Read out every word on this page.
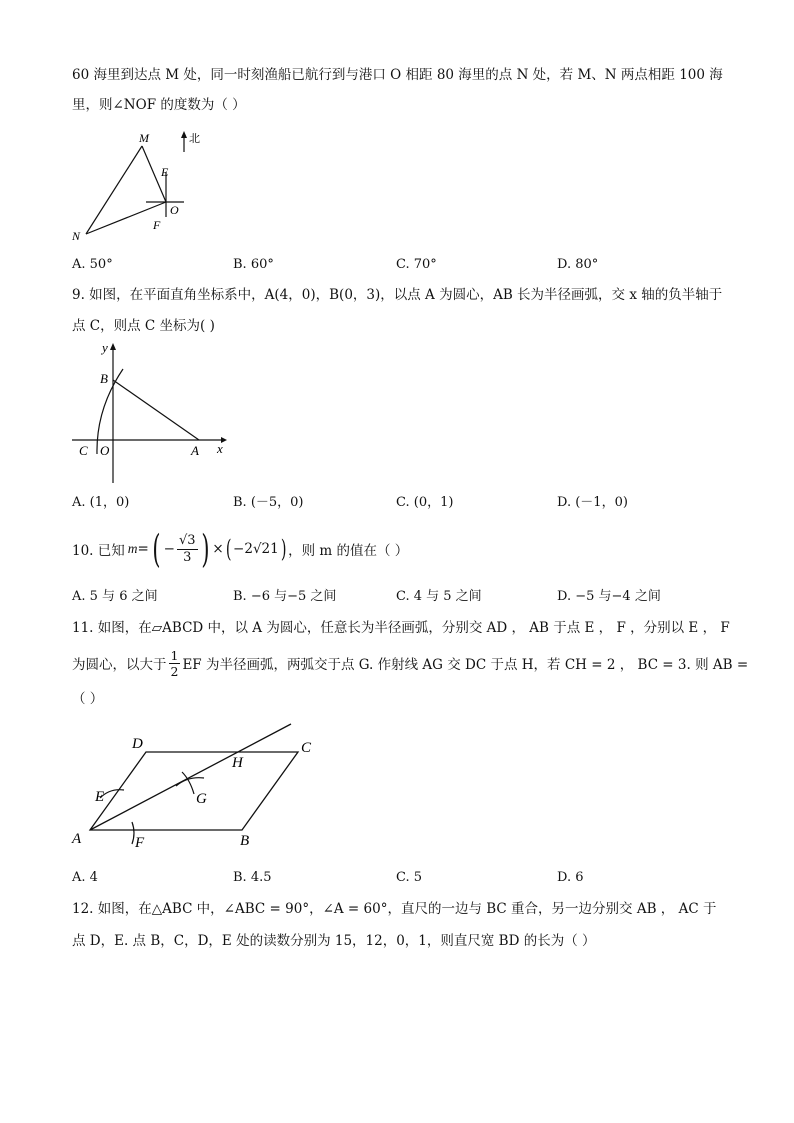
60 海里到达点 M 处，同一时刻渔船已航行到与港口 O 相距 80 海里的点 N 处，若 M、N 两点相距 100 海
里，则∠NOF 的度数为（ ）
北
M
E
O
F
N
A. 50°	B. 60°	C. 70°	D. 80°
9. 如图，在平面直角坐标系中，A(4，0)，B(0，3)，以点 A 为圆心，AB 长为半径画弧，交 x 轴的负半轴于
点 C，则点 C 坐标为( )
y
B
C O	A x
A. (1，0)	B. (－5，0)	C. (0，1)	D. (－1，0)
10. 已知 m = ( − $\frac{√3}{3}$ ) × ( −2√21 ) ，则 m 的值在（ ）
A. 5 与 6 之间	B. −6 与−5 之间	C. 4 与 5 之间	D. −5 与−4 之间
11. 如图，在▱ABCD 中，以 A 为圆心，任意长为半径画弧，分别交 AD ， AB 于点 E ， F ，分别以 E ， F
为圆心，以大于 $\frac{1}{2}$ EF 为半径画弧，两弧交于点 G. 作射线 AG 交 DC 于点 H，若 CH = 2 ， BC = 3. 则 AB =
（ ）
D	C
H
E	G
A	F	B
A. 4	B. 4.5	C. 5	D. 6
12. 如图，在△ABC 中，∠ABC = 90°，∠A = 60°，直尺的一边与 BC 重合，另一边分别交 AB ， AC 于
点 D，E. 点 B，C，D，E 处的读数分别为 15，12，0，1，则直尺宽 BD 的长为（ ）
